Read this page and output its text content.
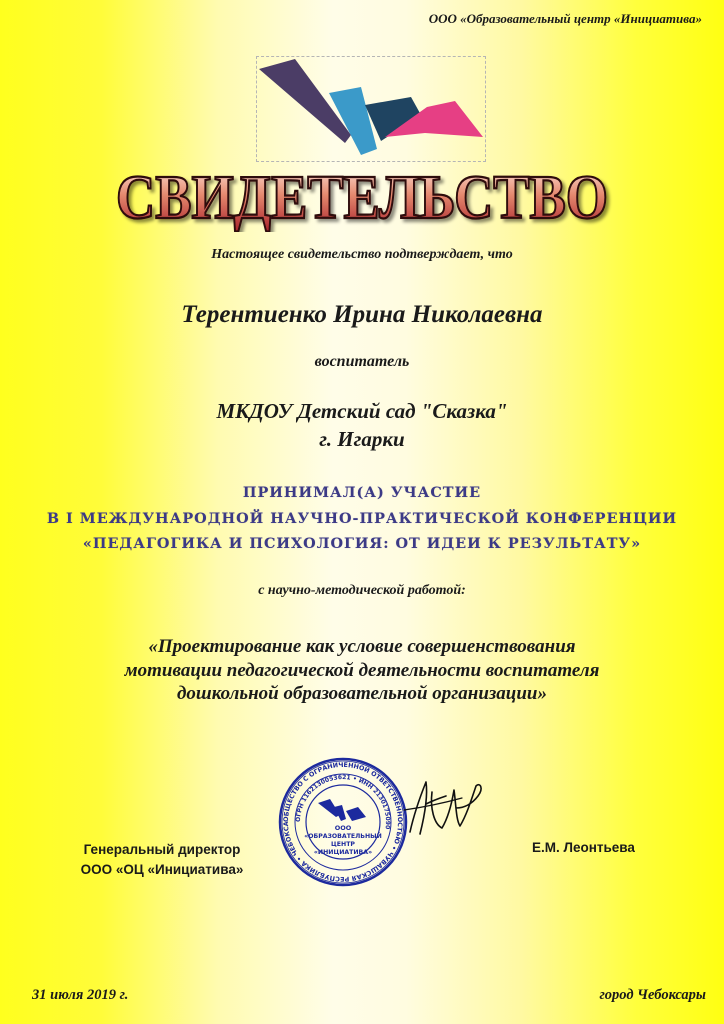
ООО «Образовательный центр «Инициатива»
СВИДЕТЕЛЬСТВО
Настоящее свидетельство подтверждает, что
Терентиенко Ирина Николаевна
воспитатель
МКДОУ Детский сад "Сказка"
г. Игарки
ПРИНИМАЛ(А) УЧАСТИЕ
В I МЕЖДУНАРОДНОЙ НАУЧНО-ПРАКТИЧЕСКОЙ КОНФЕРЕНЦИИ
«ПЕДАГОГИКА И ПСИХОЛОГИЯ: ОТ ИДЕИ К РЕЗУЛЬТАТУ»
с научно-методической работой:
«Проектирование как условие совершенствования
мотивации педагогической деятельности воспитателя
дошкольной образовательной организации»
Генеральный директор
ООО «ОЦ «Инициатива»
ОБЩЕСТВО С ОГРАНИЧЕННОЙ ОТВЕТСТВЕННОСТЬЮ • ЧУВАШСКАЯ РЕСПУБЛИКА • ЧЕБОКСА
ОГРН 1162130053621 • ИНН 2130175090
ООО
«ОБРАЗОВАТЕЛЬНЫЙ
ЦЕНТР
«ИНИЦИАТИВА»	Е.М. Леонтьева
31 июля 2019 г.	город Чебоксары
